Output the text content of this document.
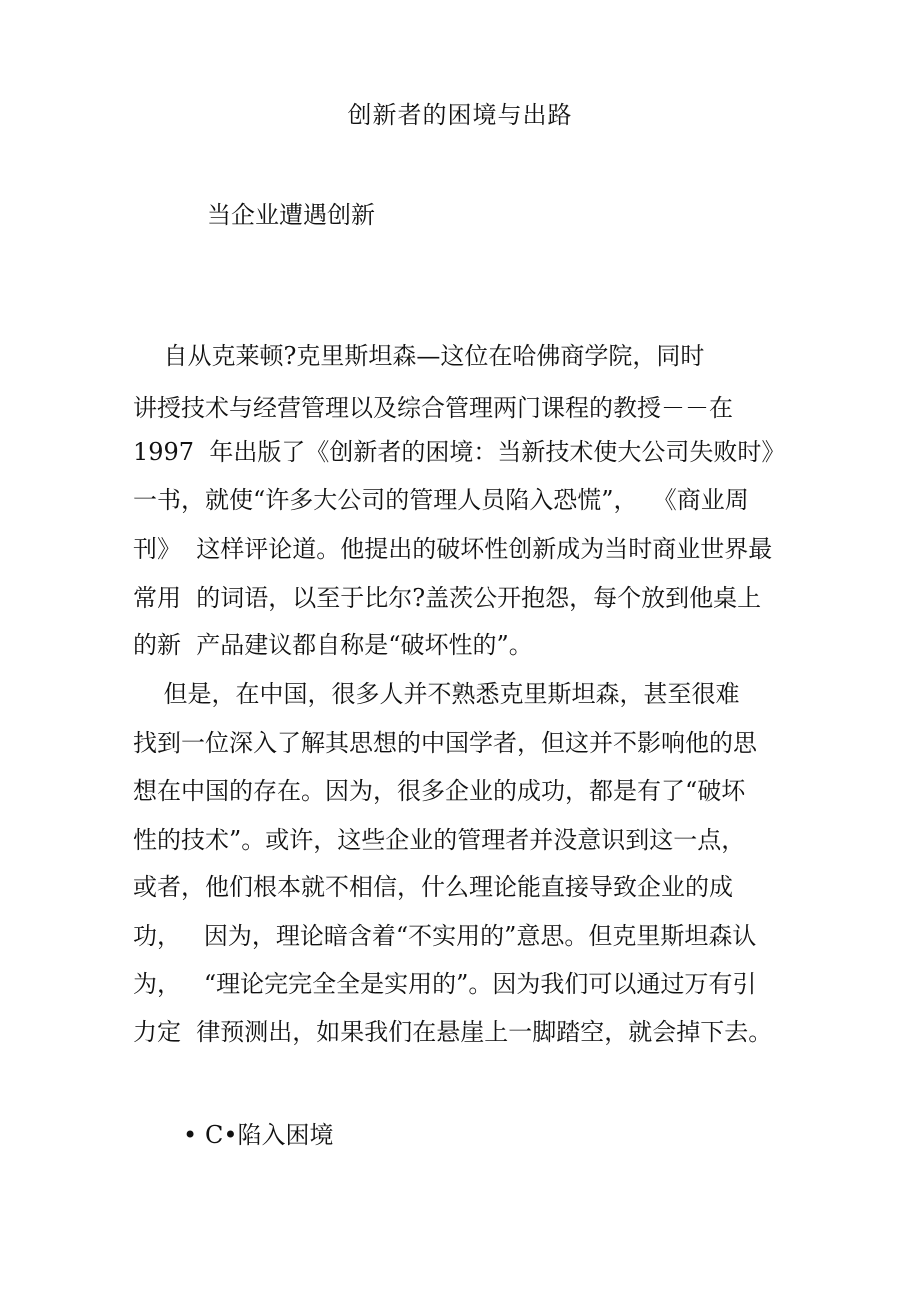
创新者的困境与出路
当企业遭遇创新
自从克莱顿?克里斯坦森—这位在哈佛商学院，同时
讲授技术与经营管理以及综合管理两门课程的教授－－在
1997  年出版了《创新者的困境：当新技术使大公司失败时》
一书，就使“许多大公司的管理人员陷入恐慌”，  《商业周
刊》  这样评论道。他提出的破坏性创新成为当时商业世界最
常用  的词语，以至于比尔?盖茨公开抱怨，每个放到他桌上
的新  产品建议都自称是“破坏性的”。
但是，在中国，很多人并不熟悉克里斯坦森，甚至很难
找到一位深入了解其思想的中国学者，但这并不影响他的思
想在中国的存在。因为，很多企业的成功，都是有了“破坏
性的技术”。或许，这些企业的管理者并没意识到这一点，
或者，他们根本就不相信，什么理论能直接导致企业的成
功，   因为，理论暗含着“不实用的”意思。但克里斯坦森认
为，   “理论完完全全是实用的”。因为我们可以通过万有引
力定  律预测出，如果我们在悬崖上一脚踏空，就会掉下去。
• C•陷入困境
